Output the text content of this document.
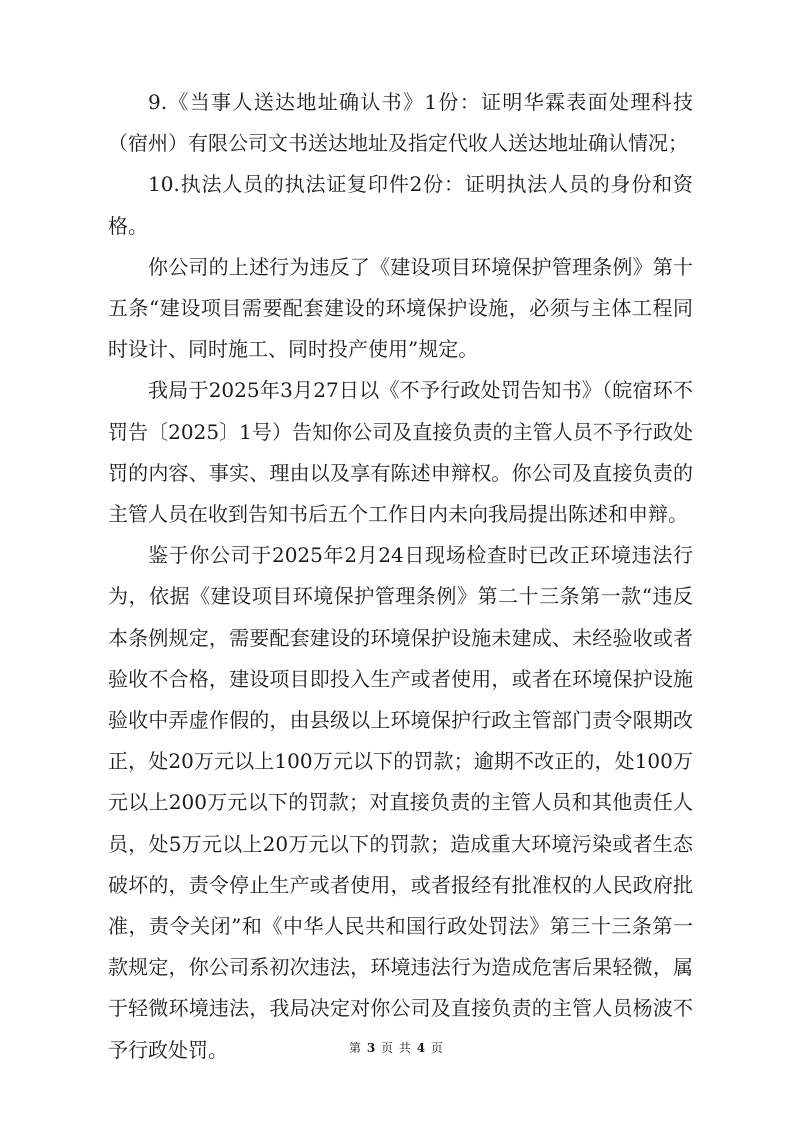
9.《当事人送达地址确认书》1份：证明华霖表面处理科技（宿州）有限公司文书送达地址及指定代收人送达地址确认情况；

10.执法人员的执法证复印件2份：证明执法人员的身份和资格。

你公司的上述行为违反了《建设项目环境保护管理条例》第十五条“建设项目需要配套建设的环境保护设施，必须与主体工程同时设计、同时施工、同时投产使用”规定。

我局于2025年3月27日以《不予行政处罚告知书》（皖宿环不罚告〔2025〕1号）告知你公司及直接负责的主管人员不予行政处罚的内容、事实、理由以及享有陈述申辩权。你公司及直接负责的主管人员在收到告知书后五个工作日内未向我局提出陈述和申辩。

鉴于你公司于2025年2月24日现场检查时已改正环境违法行为，依据《建设项目环境保护管理条例》第二十三条第一款“违反本条例规定，需要配套建设的环境保护设施未建成、未经验收或者验收不合格，建设项目即投入生产或者使用，或者在环境保护设施验收中弄虚作假的，由县级以上环境保护行政主管部门责令限期改正，处20万元以上100万元以下的罚款；逾期不改正的，处100万元以上200万元以下的罚款；对直接负责的主管人员和其他责任人员，处5万元以上20万元以下的罚款；造成重大环境污染或者生态破坏的，责令停止生产或者使用，或者报经有批准权的人民政府批准，责令关闭”和《中华人民共和国行政处罚法》第三十三条第一款规定，你公司系初次违法，环境违法行为造成危害后果轻微，属于轻微环境违法，我局决定对你公司及直接负责的主管人员杨波不予行政处罚。	第 3 页 共 4 页
